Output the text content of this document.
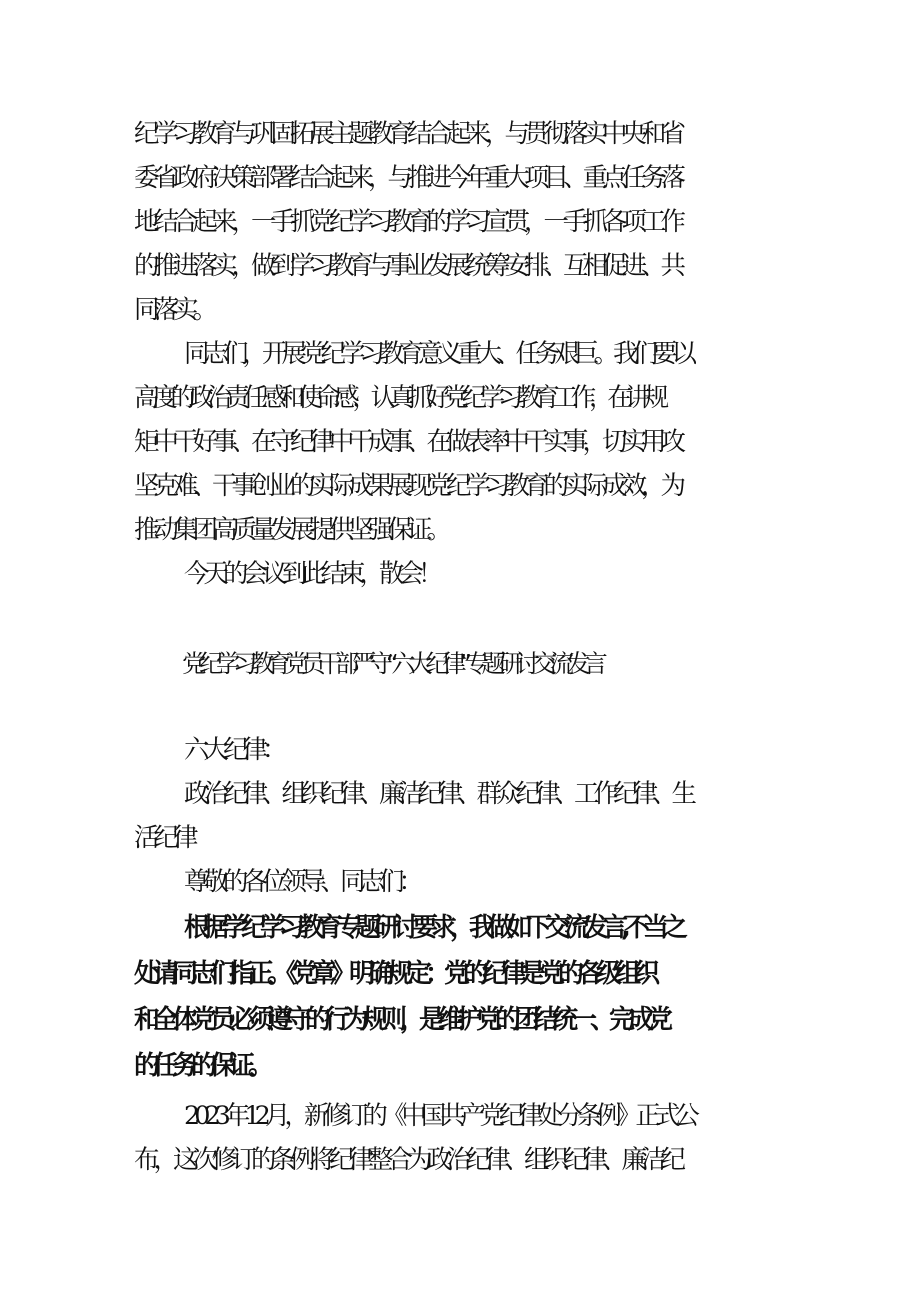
纪学习教育与巩固拓展主题教育结合起来，与贯彻落实中央和省
委省政府决策部署结合起来，与推进今年重大项目、重点任务落
地结合起来，一手抓党纪学习教育的学习宣贯，一手抓各项工作
的推进落实，做到学习教育与事业发展统筹安排、互相促进、共
同落实。
同志们，开展党纪学习教育意义重大、任务艰巨。我们要以
高度的政治责任感和使命感，认真抓好党纪学习教育工作，在讲规
矩中干好事、在守纪律中干成事、在做表率中干实事，切实用攻
坚克难、干事创业的实际成果展现党纪学习教育的实际成效，为
推动集团高质量发展提供坚强保证。
今天的会议到此结束，散会！
党纪学习教育党员干部严守“六大纪律”专题研讨交流发言
六大纪律：
政治纪律、组织纪律、廉洁纪律、群众纪律、工作纪律、生
活纪律
尊敬的各位领导、同志们：
根据学纪学习教育专题研讨要求，我做如下交流发言,不当之
处请同志们指正。《党章》明确规定：党的纪律是党的各级组织
和全体党员必须遵守的行为规则，是维护党的团结统一、完成党
的任务的保证。
2023年12月，新修订的《中国共产党纪律处分条例》正式公
布，这次修订的条例将纪律整合为政治纪律、组织纪律、廉洁纪
